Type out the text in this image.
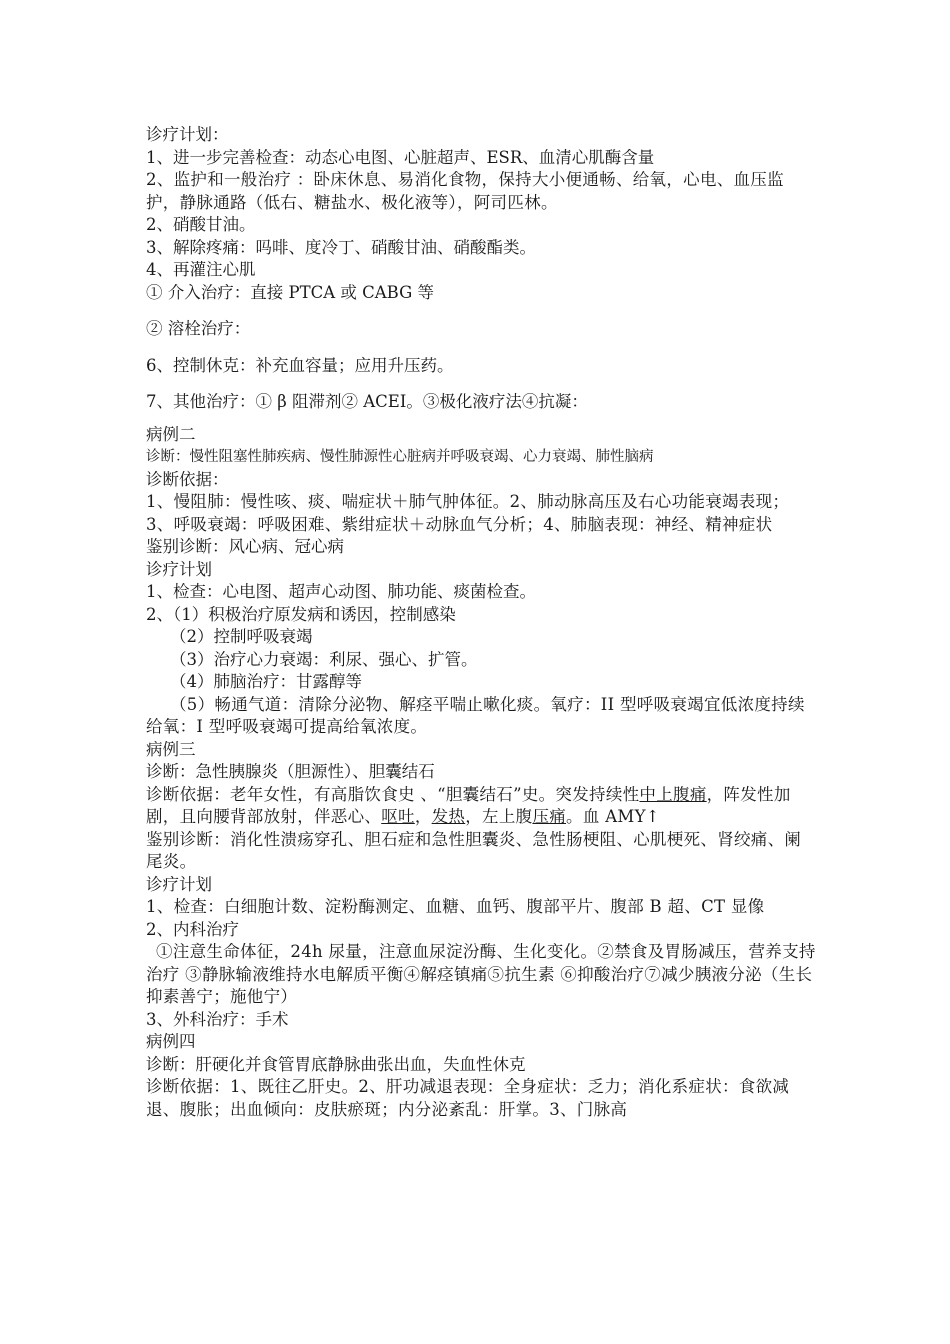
诊疗计划：
1、进一步完善检查：动态心电图、心脏超声、ESR、血清心肌酶含量
2、监护和一般治疗 ：卧床休息、易消化食物，保持大小便通畅、给氧，心电、血压监护，静脉通路（低右、糖盐水、极化液等），阿司匹林。
2、硝酸甘油。
3、解除疼痛：吗啡、度冷丁、硝酸甘油、硝酸酯类。
4、再灌注心肌
① 介入治疗：直接 PTCA 或 CABG 等
② 溶栓治疗：
6、控制休克：补充血容量；应用升压药。
7、其他治疗：① β 阻滞剂② ACEI。③极化液疗法④抗凝：
病例二
诊断：慢性阻塞性肺疾病、慢性肺源性心脏病并呼吸衰竭、心力衰竭、肺性脑病
诊断依据：
1、慢阻肺：慢性咳、痰、喘症状＋肺气肿体征。2、肺动脉高压及右心功能衰竭表现；3、呼吸衰竭：呼吸困难、紫绀症状＋动脉血气分析；4、肺脑表现：神经、精神症状
鉴别诊断：风心病、冠心病
诊疗计划
1、检查：心电图、超声心动图、肺功能、痰菌检查。
2、（1）积极治疗原发病和诱因，控制感染
（2）控制呼吸衰竭
（3）治疗心力衰竭：利尿、强心、扩管。
（4）肺脑治疗：甘露醇等
（5）畅通气道：清除分泌物、解痉平喘止嗽化痰。氧疗：II 型呼吸衰竭宜低浓度持续给氧：I 型呼吸衰竭可提高给氧浓度。
病例三
诊断：急性胰腺炎（胆源性）、胆囊结石
诊断依据：老年女性，有高脂饮食史 、“胆囊结石”史。突发持续性中上腹痛，阵发性加剧，且向腰背部放射，伴恶心、呕吐，发热，左上腹压痛。血 AMY↑
鉴别诊断：消化性溃疡穿孔、胆石症和急性胆囊炎、急性肠梗阻、心肌梗死、肾绞痛、阑尾炎。
诊疗计划
1、检查：白细胞计数、淀粉酶测定、血糖、血钙、腹部平片、腹部 B 超、CT 显像
2、内科治疗
①注意生命体征，24h 尿量，注意血尿淀汾酶、生化变化。②禁食及胃肠减压，营养支持治疗 ③静脉输液维持水电解质平衡④解痉镇痛⑤抗生素 ⑥抑酸治疗⑦减少胰液分泌（生长抑素善宁；施他宁）
3、外科治疗：手术
病例四
诊断：肝硬化并食管胃底静脉曲张出血，失血性休克
诊断依据：1、既往乙肝史。2、肝功减退表现：全身症状：乏力；消化系症状：食欲减退、腹胀；出血倾向：皮肤瘀斑；内分泌紊乱：肝掌。3、门脉高
